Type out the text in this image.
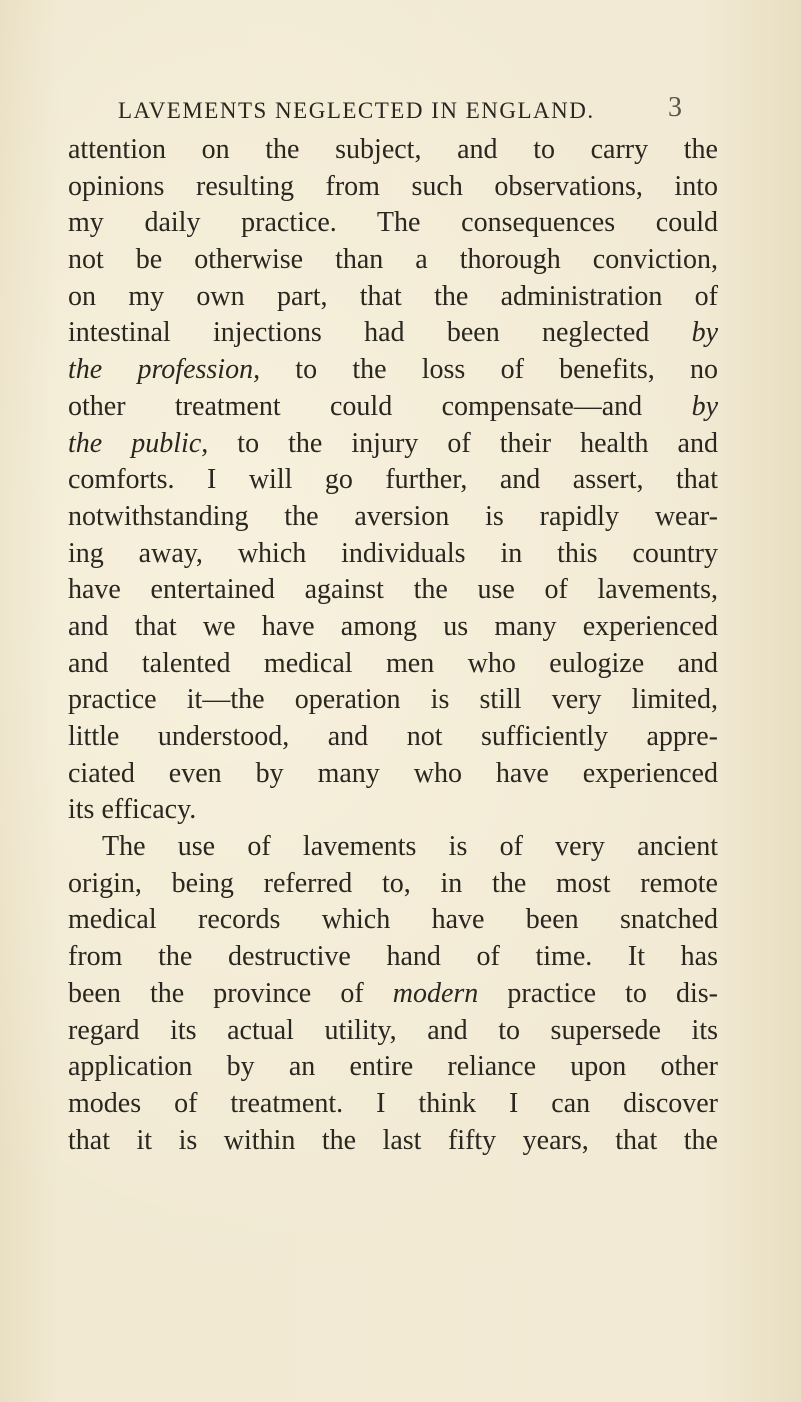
LAVEMENTS NEGLECTED IN ENGLAND.	3
attention on the subject, and to carry the
opinions resulting from such observations, into
my daily practice. The consequences could
not be otherwise than a thorough conviction,
on my own part, that the administration of
intestinal injections had been neglected by
the profession, to the loss of benefits, no
other treatment could compensate—and by
the public, to the injury of their health and
comforts. I will go further, and assert, that
notwithstanding the aversion is rapidly wear-
ing away, which individuals in this country
have entertained against the use of lavements,
and that we have among us many experienced
and talented medical men who eulogize and
practice it—the operation is still very limited,
little understood, and not sufficiently appre-
ciated even by many who have experienced
its efficacy.
The use of lavements is of very ancient
origin, being referred to, in the most remote
medical records which have been snatched
from the destructive hand of time. It has
been the province of modern practice to dis-
regard its actual utility, and to supersede its
application by an entire reliance upon other
modes of treatment. I think I can discover
that it is within the last fifty years, that the
